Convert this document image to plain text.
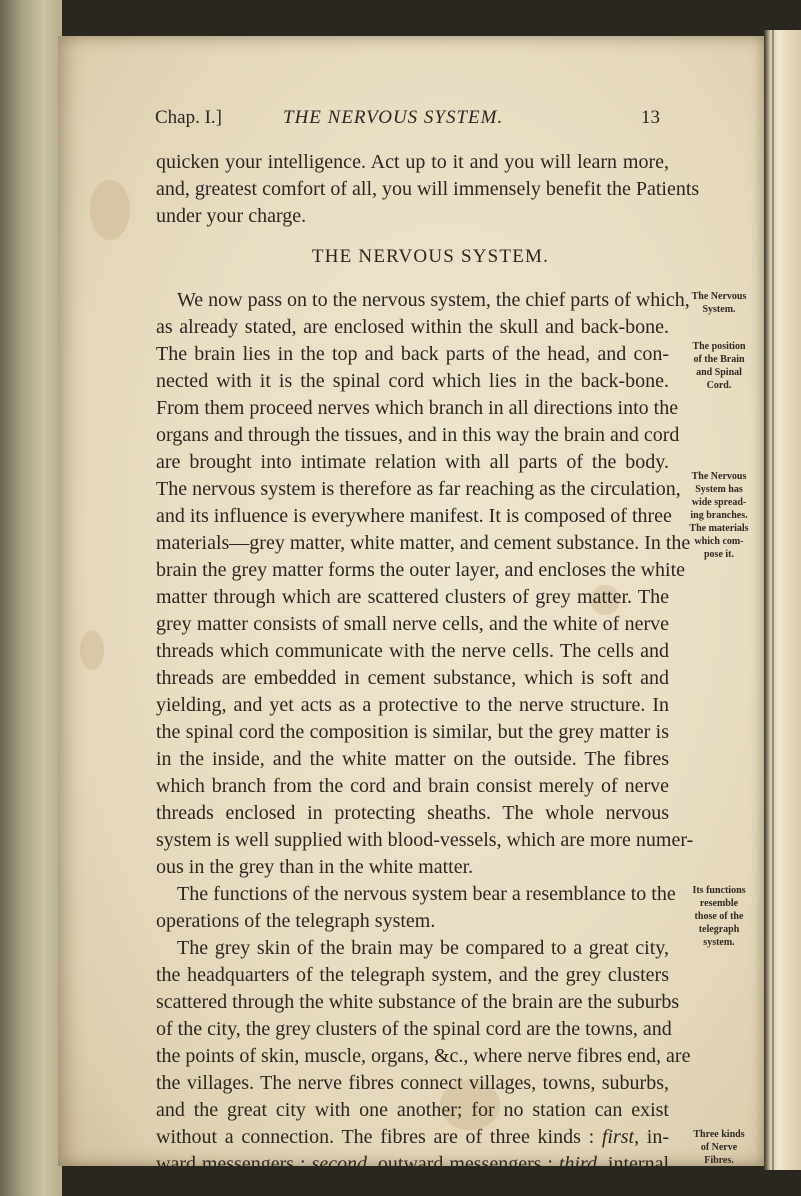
Chap. I.]	THE NERVOUS SYSTEM.	13
quicken your intelligence. Act up to it and you will learn more,
and, greatest comfort of all, you will immensely benefit the Patients
under your charge.
THE NERVOUS SYSTEM.
We now pass on to the nervous system, the chief parts of which,
as already stated, are enclosed within the skull and back-bone.
The brain lies in the top and back parts of the head, and con-
nected with it is the spinal cord which lies in the back-bone.
From them proceed nerves which branch in all directions into the
organs and through the tissues, and in this way the brain and cord
are brought into intimate relation with all parts of the body.
The nervous system is therefore as far reaching as the circulation,
and its influence is everywhere manifest. It is composed of three
materials—grey matter, white matter, and cement substance. In the
brain the grey matter forms the outer layer, and encloses the white
matter through which are scattered clusters of grey matter. The
grey matter consists of small nerve cells, and the white of nerve
threads which communicate with the nerve cells. The cells and
threads are embedded in cement substance, which is soft and
yielding, and yet acts as a protective to the nerve structure. In
the spinal cord the composition is similar, but the grey matter is
in the inside, and the white matter on the outside. The fibres
which branch from the cord and brain consist merely of nerve
threads enclosed in protecting sheaths. The whole nervous
system is well supplied with blood-vessels, which are more numer-
ous in the grey than in the white matter.
The functions of the nervous system bear a resemblance to the
operations of the telegraph system.
The grey skin of the brain may be compared to a great city,
the headquarters of the telegraph system, and the grey clusters
scattered through the white substance of the brain are the suburbs
of the city, the grey clusters of the spinal cord are the towns, and
the points of skin, muscle, organs, &c., where nerve fibres end, are
the villages. The nerve fibres connect villages, towns, suburbs,
and the great city with one another; for no station can exist
without a connection. The fibres are of three kinds : first, in-
ward messengers ; second, outward messengers ; third, internal
The Nervous
System.
The position
of the Brain
and Spinal
Cord.
The Nervous
System has
wide spread-
ing branches.
The materials
which com-
pose it.
Its functions
resemble
those of the
telegraph
system.
Three kinds
of Nerve
Fibres.
